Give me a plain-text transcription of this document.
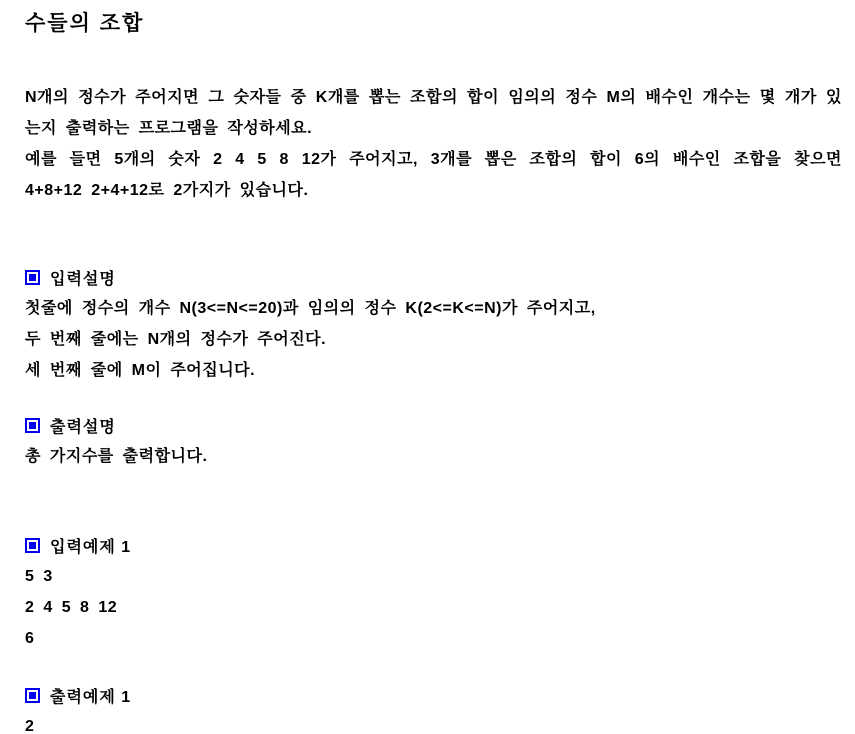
수들의 조합
N개의 정수가 주어지면 그 숫자들 중 K개를 뽑는 조합의 합이 임의의 정수 M의 배수인 개수는 몇 개가 있는지 출력하는 프로그램을 작성하세요.
예를 들면 5개의 숫자 2 4 5 8 12가 주어지고, 3개를 뽑은 조합의 합이 6의 배수인 조합을 찾으면 4+8+12 2+4+12로 2가지가 있습니다.
입력설명
첫줄에 정수의 개수 N(3<=N<=20)과 임의의 정수 K(2<=K<=N)가 주어지고,
두 번째 줄에는 N개의 정수가 주어진다.
세 번째 줄에 M이 주어집니다.
출력설명
총 가지수를 출력합니다.
입력예제 1
5 3
2 4 5 8 12
6
출력예제 1
2
